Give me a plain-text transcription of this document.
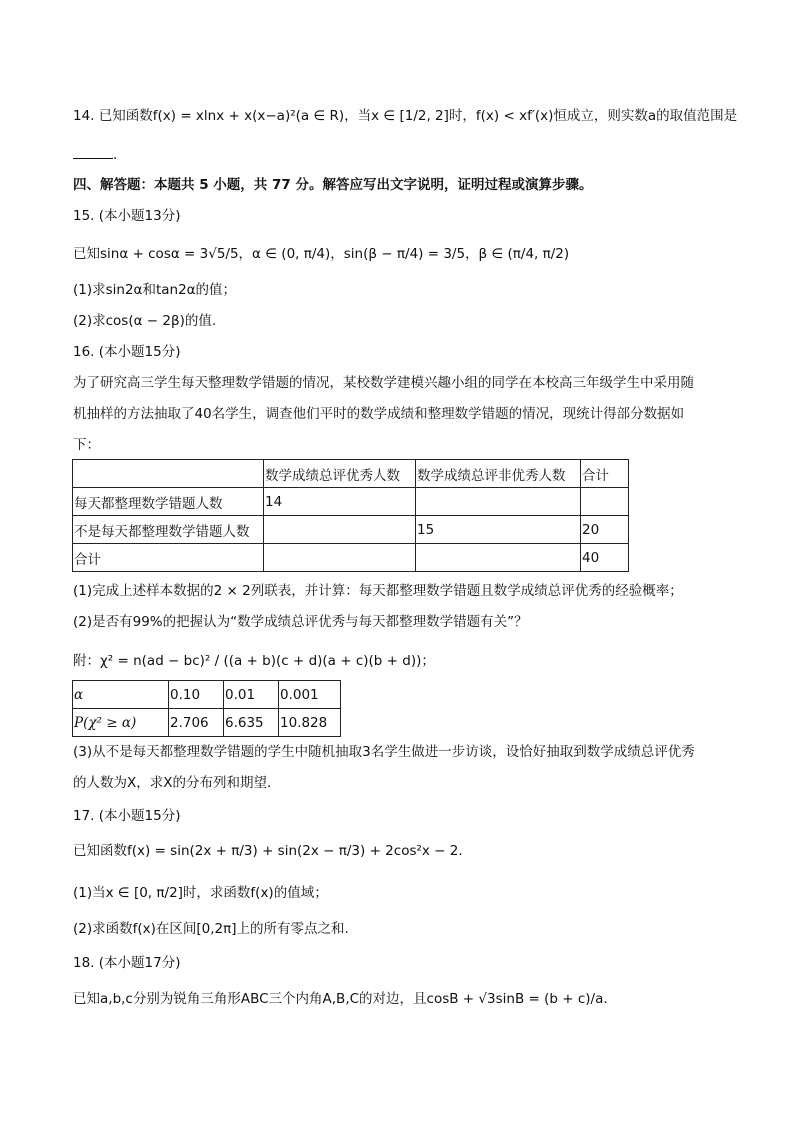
14. 已知函数f(x) = xlnx + x(x−a)²(a ∈ R)，当x ∈ [1/2, 2]时，f(x) < xf′(x)恒成立，则实数a的取值范围是
.
四、解答题：本题共 5 小题，共 77 分。解答应写出文字说明，证明过程或演算步骤。
15. (本小题13分)
已知sinα + cosα = 3√5/5，α ∈ (0, π/4)，sin(β − π/4) = 3/5，β ∈ (π/4, π/2)
(1)求sin2α和tan2α的值；
(2)求cos(α − 2β)的值.
16. (本小题15分)
为了研究高三学生每天整理数学错题的情况，某校数学建模兴趣小组的同学在本校高三年级学生中采用随
机抽样的方法抽取了40名学生，调查他们平时的数学成绩和整理数学错题的情况，现统计得部分数据如
下：
	数学成绩总评优秀人数	数学成绩总评非优秀人数	合计
每天都整理数学错题人数	14		
不是每天都整理数学错题人数		15	20
合计			40
(1)完成上述样本数据的2 × 2列联表，并计算：每天都整理数学错题且数学成绩总评优秀的经验概率；
(2)是否有99%的把握认为“数学成绩总评优秀与每天都整理数学错题有关”？
附：χ² = n(ad − bc)² / ((a + b)(c + d)(a + c)(b + d))；
α	0.10	0.01	0.001
P(χ² ≥ α)	2.706	6.635	10.828
(3)从不是每天都整理数学错题的学生中随机抽取3名学生做进一步访谈，设恰好抽取到数学成绩总评优秀
的人数为X，求X的分布列和期望.
17. (本小题15分)
已知函数f(x) = sin(2x + π/3) + sin(2x − π/3) + 2cos²x − 2.
(1)当x ∈ [0, π/2]时，求函数f(x)的值域；
(2)求函数f(x)在区间[0,2π]上的所有零点之和.
18. (本小题17分)
已知a,b,c分别为锐角三角形ABC三个内角A,B,C的对边，且cosB + √3sinB = (b + c)/a.
